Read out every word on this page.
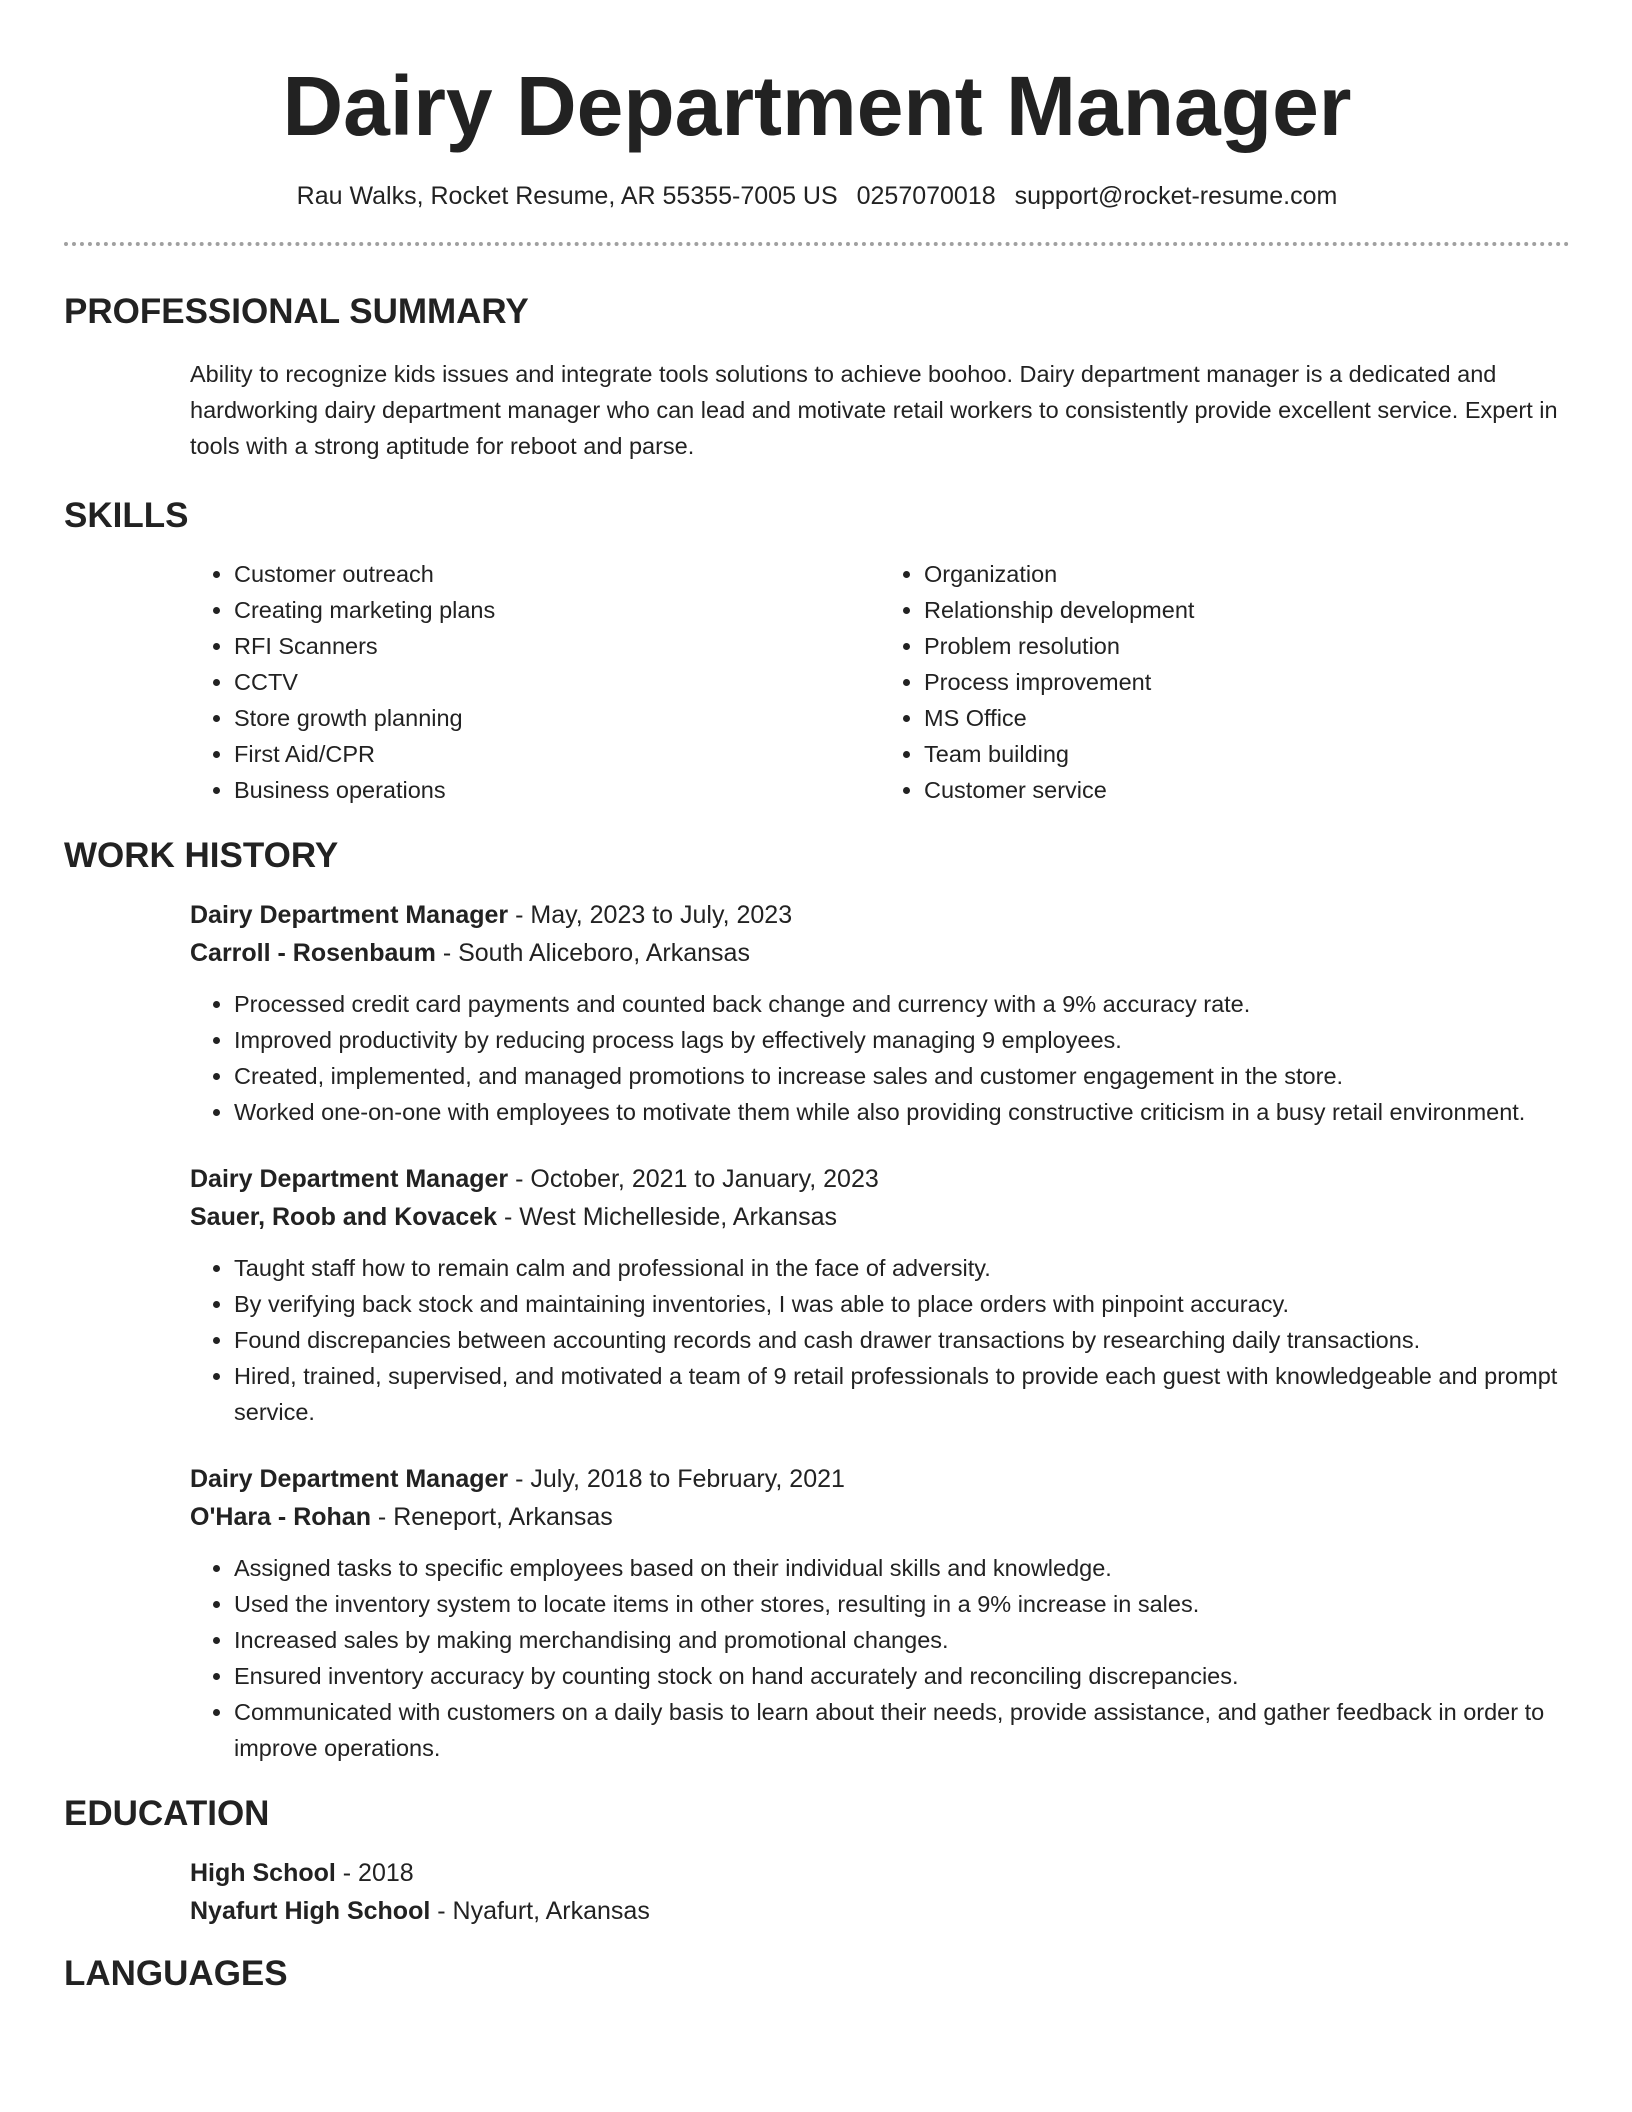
Dairy Department Manager
Rau Walks, Rocket Resume, AR 55355-7005 US 0257070018 support@rocket-resume.com
PROFESSIONAL SUMMARY
Ability to recognize kids issues and integrate tools solutions to achieve boohoo. Dairy department manager is a dedicated and hardworking dairy department manager who can lead and motivate retail workers to consistently provide excellent service. Expert in tools with a strong aptitude for reboot and parse.
SKILLS
• Customer outreach
• Creating marketing plans
• RFI Scanners
• CCTV
• Store growth planning
• First Aid/CPR
• Business operations
• Organization
• Relationship development
• Problem resolution
• Process improvement
• MS Office
• Team building
• Customer service
WORK HISTORY
Dairy Department Manager - May, 2023 to July, 2023
Carroll - Rosenbaum - South Aliceboro, Arkansas
• Processed credit card payments and counted back change and currency with a 9% accuracy rate.
• Improved productivity by reducing process lags by effectively managing 9 employees.
• Created, implemented, and managed promotions to increase sales and customer engagement in the store.
• Worked one-on-one with employees to motivate them while also providing constructive criticism in a busy retail environment.
Dairy Department Manager - October, 2021 to January, 2023
Sauer, Roob and Kovacek - West Michelleside, Arkansas
• Taught staff how to remain calm and professional in the face of adversity.
• By verifying back stock and maintaining inventories, I was able to place orders with pinpoint accuracy.
• Found discrepancies between accounting records and cash drawer transactions by researching daily transactions.
• Hired, trained, supervised, and motivated a team of 9 retail professionals to provide each guest with knowledgeable and prompt service.
Dairy Department Manager - July, 2018 to February, 2021
O'Hara - Rohan - Reneport, Arkansas
• Assigned tasks to specific employees based on their individual skills and knowledge.
• Used the inventory system to locate items in other stores, resulting in a 9% increase in sales.
• Increased sales by making merchandising and promotional changes.
• Ensured inventory accuracy by counting stock on hand accurately and reconciling discrepancies.
• Communicated with customers on a daily basis to learn about their needs, provide assistance, and gather feedback in order to improve operations.
EDUCATION
High School - 2018
Nyafurt High School - Nyafurt, Arkansas
LANGUAGES
